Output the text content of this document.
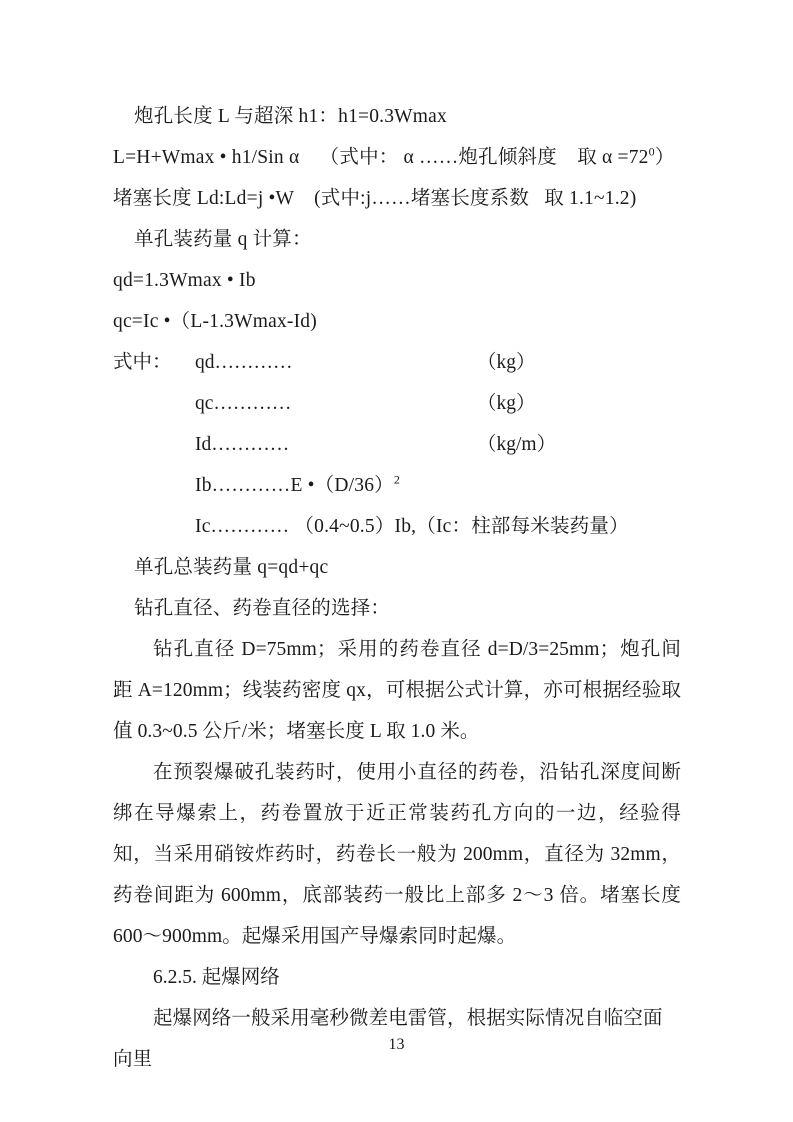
炮孔长度 L 与超深 h1：h1=0.3Wmax
L=H+Wmax • h1/Sin α    （式中： α ……炮孔倾斜度    取 $\alpha =72^0$）
堵塞长度 Ld:Ld=j •W    (式中:j……堵塞长度系数   取 1.1~1.2)
单孔装药量 q 计算：
qd=1.3Wmax • Ib
qc=Ic •（L-1.3Wmax-Id)
式中：	qd…………	（kg）
qc…………	（kg）
Id…………	（kg/m）
Ib…………E $•(D/36)^2$
Ic………… （0.4~0.5）Ib,（Ic：柱部每米装药量）
单孔总装药量 q=qd+qc
钻孔直径、药卷直径的选择：
钻孔直径 D=75mm；采用的药卷直径 d=D/3=25mm；炮孔间距 A=120mm；线装药密度 qx，可根据公式计算，亦可根据经验取值 0.3~0.5 公斤/米；堵塞长度 L 取 1.0 米。
在预裂爆破孔装药时，使用小直径的药卷，沿钻孔深度间断绑在导爆索上，药卷置放于近正常装药孔方向的一边，经验得知，当采用硝铵炸药时，药卷长一般为 200mm，直径为 32mm，药卷间距为 600mm，底部装药一般比上部多 2～3 倍。堵塞长度 600～900mm。起爆采用国产导爆索同时起爆。
6.2.5. 起爆网络
起爆网络一般采用毫秒微差电雷管，根据实际情况自临空面向里
13
